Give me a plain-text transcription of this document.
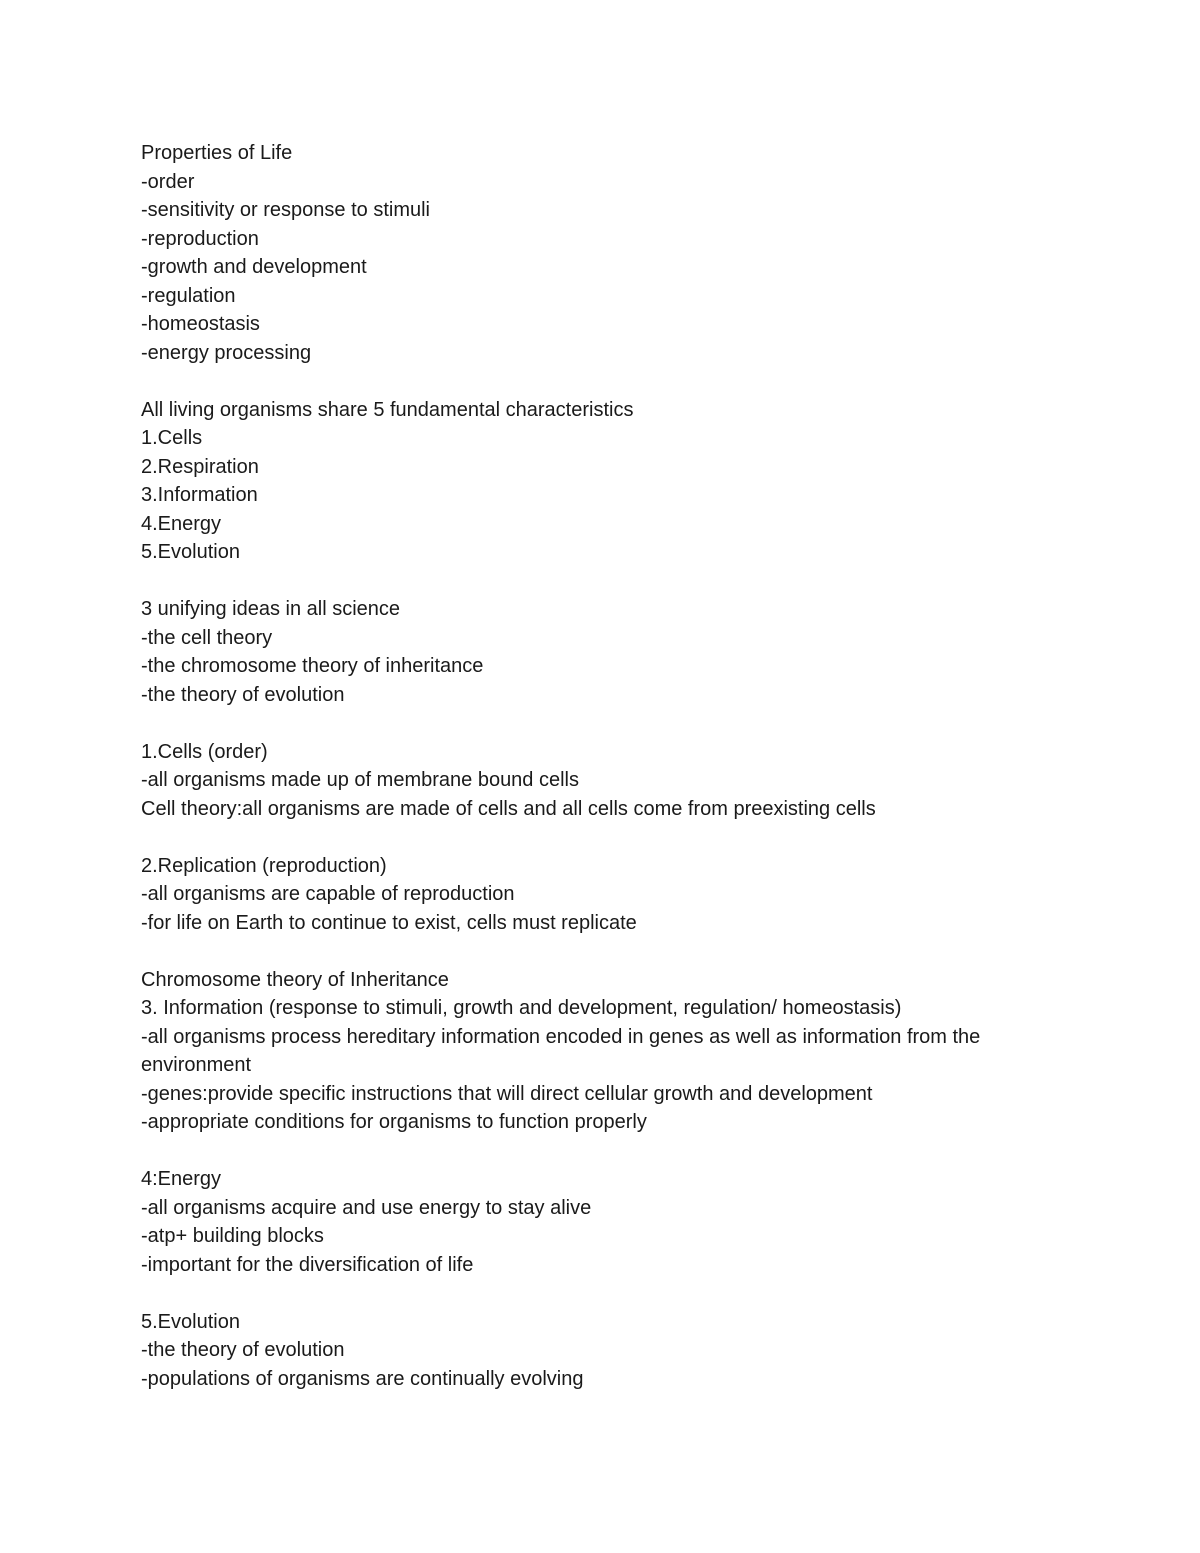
Properties of Life
-order
-sensitivity or response to stimuli
-reproduction
-growth and development
-regulation
-homeostasis
-energy processing
All living organisms share 5 fundamental characteristics
1.Cells
2.Respiration
3.Information
4.Energy
5.Evolution
3 unifying ideas in all science
-the cell theory
-the chromosome theory of inheritance
-the theory of evolution
1.Cells (order)
-all organisms made up of membrane bound cells
Cell theory:all organisms are made of cells and all cells come from preexisting cells
2.Replication (reproduction)
-all organisms are capable of reproduction
-for life on Earth to continue to exist, cells must replicate
Chromosome theory of Inheritance
3. Information (response to stimuli, growth and development, regulation/ homeostasis)
-all organisms process hereditary information encoded in genes as well as information from the environment
-genes:provide specific instructions that will direct cellular growth and development
-appropriate conditions for organisms to function properly
4:Energy
-all organisms acquire and use energy to stay alive
-atp+ building blocks
-important for the diversification of life
5.Evolution
-the theory of evolution
-populations of organisms are continually evolving
